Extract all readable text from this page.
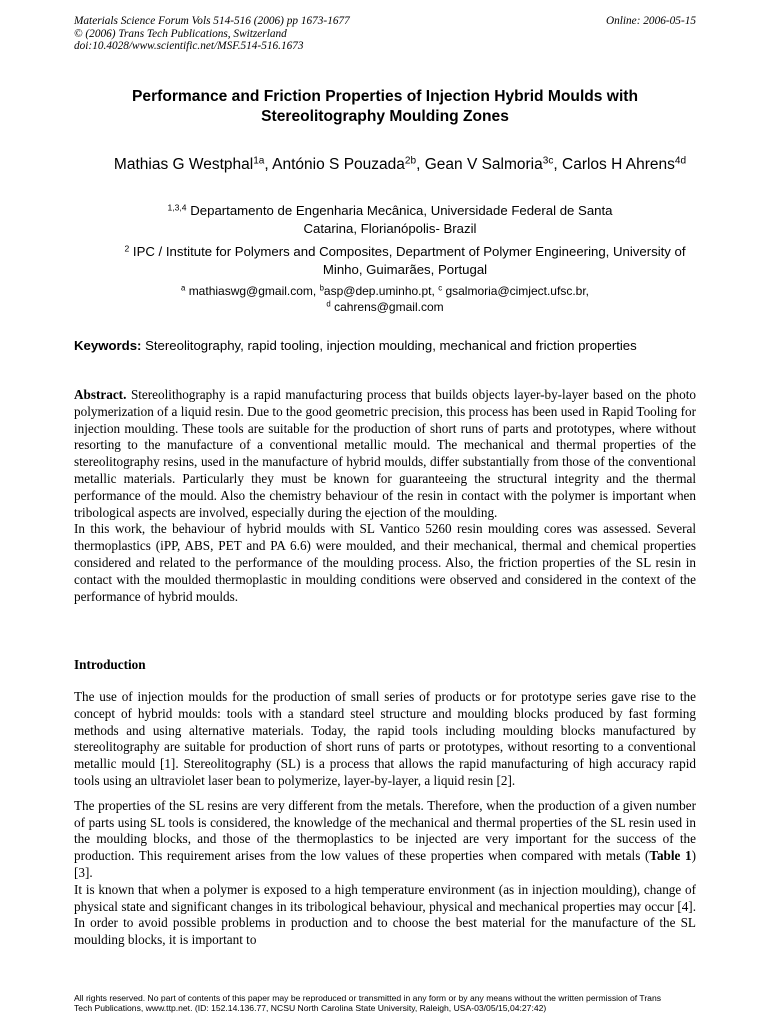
Materials Science Forum Vols 514-516 (2006) pp 1673-1677
© (2006) Trans Tech Publications, Switzerland
doi:10.4028/www.scientific.net/MSF.514-516.1673
Online: 2006-05-15
Performance and Friction Properties of Injection Hybrid Moulds with
Stereolitography Moulding Zones
Mathias G Westphal$^{1a}$, António S Pouzada$^{2b}$, Gean V Salmoria$^{3c}$, Carlos H Ahrens$^{4d}$
$^{1,3,4}$ Departamento de Engenharia Mecânica, Universidade Federal de Santa Catarina, Florianópolis- Brazil
$^2$ IPC / Institute for Polymers and Composites, Department of Polymer Engineering, University of Minho, Guimarães, Portugal
$^a$ mathiaswg@gmail.com, $^b$asp@dep.uminho.pt, $^c$ gsalmoria@cimject.ufsc.br,
$^d$ cahrens@gmail.com
Keywords: Stereolitography, rapid tooling, injection moulding, mechanical and friction properties

Abstract. Stereolithography is a rapid manufacturing process that builds objects layer-by-layer based on the photo polymerization of a liquid resin. Due to the good geometric precision, this process has been used in Rapid Tooling for injection moulding. These tools are suitable for the production of short runs of parts and prototypes, where without resorting to the manufacture of a conventional metallic mould. The mechanical and thermal properties of the stereolitography resins, used in the manufacture of hybrid moulds, differ substantially from those of the conventional metallic materials. Particularly they must be known for guaranteeing the structural integrity and the thermal performance of the mould. Also the chemistry behaviour of the resin in contact with the polymer is important when tribological aspects are involved, especially during the ejection of the moulding.

In this work, the behaviour of hybrid moulds with SL Vantico 5260 resin moulding cores was assessed. Several thermoplastics (iPP, ABS, PET and PA 6.6) were moulded, and their mechanical, thermal and chemical properties considered and related to the performance of the moulding process. Also, the friction properties of the SL resin in contact with the moulded thermoplastic in moulding conditions were observed and considered in the context of the performance of hybrid moulds.

Introduction

The use of injection moulds for the production of small series of products or for prototype series gave rise to the concept of hybrid moulds: tools with a standard steel structure and moulding blocks produced by fast forming methods and using alternative materials. Today, the rapid tools including moulding blocks manufactured by stereolitography are suitable for production of short runs of parts or prototypes, without resorting to a conventional metallic mould [1]. Stereolitography (SL) is a process that allows the rapid manufacturing of high accuracy rapid tools using an ultraviolet laser bean to polymerize, layer-by-layer, a liquid resin [2].

The properties of the SL resins are very different from the metals. Therefore, when the production of a given number of parts using SL tools is considered, the knowledge of the mechanical and thermal properties of the SL resin used in the moulding blocks, and those of the thermoplastics to be injected are very important for the success of the production. This requirement arises from the low values of these properties when compared with metals (Table 1) [3].

It is known that when a polymer is exposed to a high temperature environment (as in injection moulding), change of physical state and significant changes in its tribological behaviour, physical and mechanical properties may occur [4]. In order to avoid possible problems in production and to choose the best material for the manufacture of the SL moulding blocks, it is important to

All rights reserved. No part of contents of this paper may be reproduced or transmitted in any form or by any means without the written permission of Trans
Tech Publications, www.ttp.net. (ID: 152.14.136.77, NCSU North Carolina State University, Raleigh, USA-03/05/15,04:27:42)
